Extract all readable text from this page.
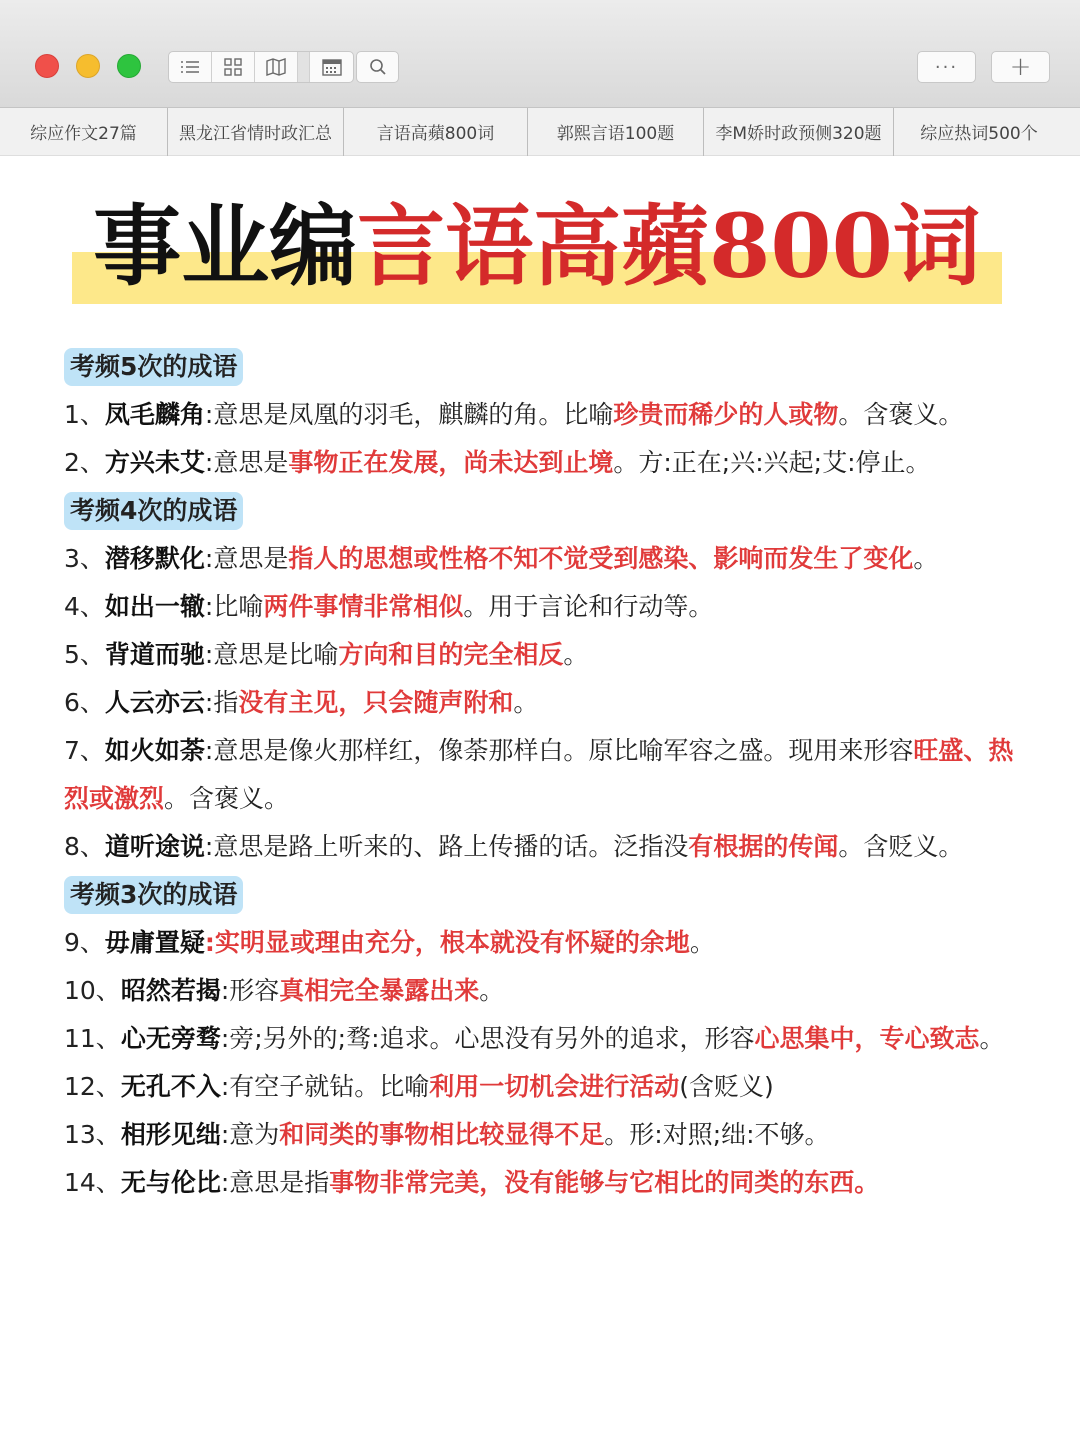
···	+
综应作文27篇	黑龙江省情时政汇总	言语高蘋800词	郭熙言语100题	李M娇时政预侧320题	综应热词500个
事业编言语高蘋800词
考频5次的成语
1、凤毛麟角:意思是凤凰的羽毛，麒麟的角。比喻珍贵而稀少的人或物。含褒义。
2、方兴未艾:意思是事物正在发展，尚未达到止境。方:正在;兴:兴起;艾:停止。
考频4次的成语
3、潜移默化:意思是指人的思想或性格不知不觉受到感染、影响而发生了变化。
4、如出一辙:比喻两件事情非常相似。用于言论和行动等。
5、背道而驰:意思是比喻方向和目的完全相反。
6、人云亦云:指没有主见，只会随声附和。
7、如火如荼:意思是像火那样红，像荼那样白。原比喻军容之盛。现用来形容旺盛、热烈或激烈。含褒义。
8、道听途说:意思是路上听来的、路上传播的话。泛指没有根据的传闻。含贬义。
考频3次的成语
9、毋庸置疑:实明显或理由充分，根本就没有怀疑的余地。
10、昭然若揭:形容真相完全暴露出来。
11、心无旁骛:旁;另外的;骛:追求。心思没有另外的追求，形容心思集中，专心致志。
12、无孔不入:有空子就钻。比喻利用一切机会进行活动(含贬义)
13、相形见绌:意为和同类的事物相比较显得不足。形:对照;绌:不够。
14、无与伦比:意思是指事物非常完美，没有能够与它相比的同类的东西。
